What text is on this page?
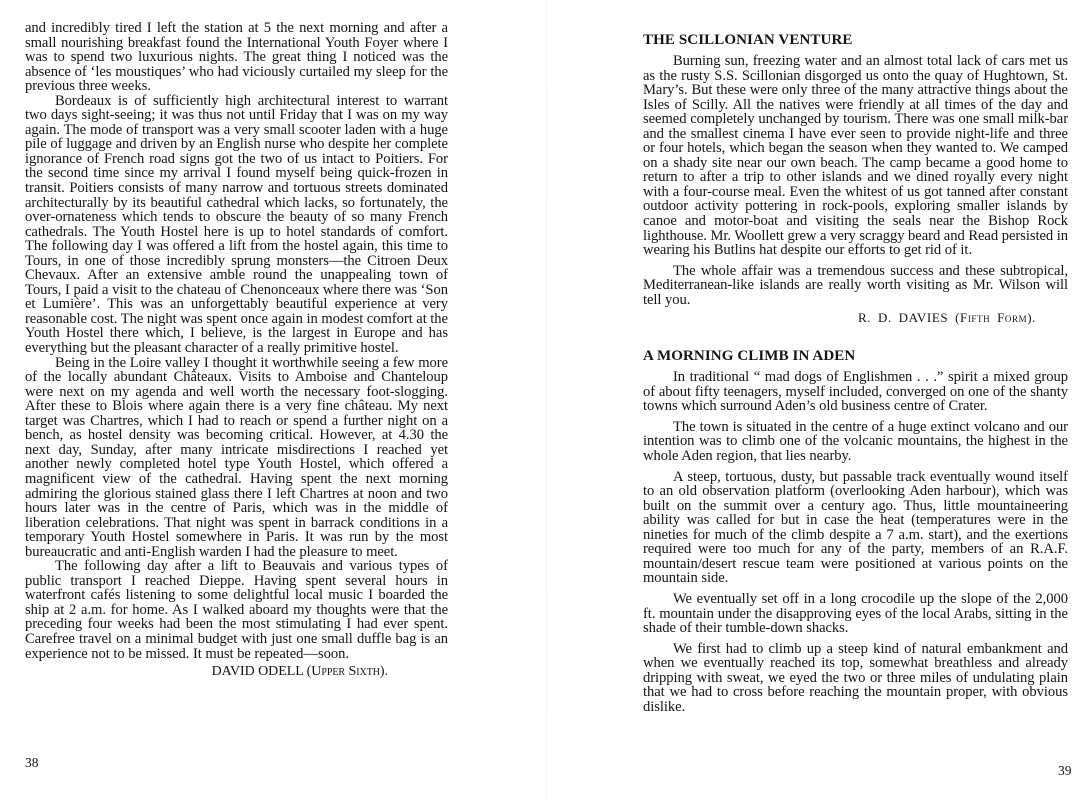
and incredibly tired I left the station at 5 the next morning and after a small nourishing breakfast found the International Youth Foyer where I was to spend two luxurious nights. The great thing I noticed was the absence of ‘les moustiques’ who had viciously curtailed my sleep for the previous three weeks.

Bordeaux is of sufficiently high architectural interest to warrant two days sight-seeing; it was thus not until Friday that I was on my way again. The mode of transport was a very small scooter laden with a huge pile of luggage and driven by an English nurse who despite her complete ignorance of French road signs got the two of us intact to Poitiers. For the second time since my arrival I found myself being quick-frozen in transit. Poitiers consists of many narrow and tortuous streets dominated architecturally by its beautiful cathedral which lacks, so fortunately, the over-ornateness which tends to obscure the beauty of so many French cathedrals. The Youth Hostel here is up to hotel standards of comfort. The following day I was offered a lift from the hostel again, this time to Tours, in one of those incredibly sprung monsters—the Citroen Deux Chevaux. After an extensive amble round the unappealing town of Tours, I paid a visit to the chateau of Chenonceaux where there was ‘Son et Lumière’. This was an unforgettably beautiful experience at very reasonable cost. The night was spent once again in modest comfort at the Youth Hostel there which, I believe, is the largest in Europe and has everything but the pleasant character of a really primitive hostel.

Being in the Loire valley I thought it worthwhile seeing a few more of the locally abundant Châteaux. Visits to Amboise and Chanteloup were next on my agenda and well worth the necessary foot-slogging. After these to Blois where again there is a very fine château. My next target was Chartres, which I had to reach or spend a further night on a bench, as hostel density was becoming critical. However, at 4.30 the next day, Sunday, after many intricate misdirections I reached yet another newly completed hotel type Youth Hostel, which offered a magnificent view of the cathedral. Having spent the next morning admiring the glorious stained glass there I left Chartres at noon and two hours later was in the centre of Paris, which was in the middle of liberation celebrations. That night was spent in barrack conditions in a temporary Youth Hostel somewhere in Paris. It was run by the most bureaucratic and anti-English warden I had the pleasure to meet.

The following day after a lift to Beauvais and various types of public transport I reached Dieppe. Having spent several hours in waterfront cafés listening to some delightful local music I boarded the ship at 2 a.m. for home. As I walked aboard my thoughts were that the preceding four weeks had been the most stimulating I had ever spent. Carefree travel on a minimal budget with just one small duffle bag is an experience not to be missed. It must be repeated—soon.

DAVID ODELL (Upper Sixth).
38
THE SCILLONIAN VENTURE

Burning sun, freezing water and an almost total lack of cars met us as the rusty S.S. Scillonian disgorged us onto the quay of Hughtown, St. Mary’s. But these were only three of the many attractive things about the Isles of Scilly. All the natives were friendly at all times of the day and seemed completely unchanged by tourism. There was one small milk-bar and the smallest cinema I have ever seen to provide night-life and three or four hotels, which began the season when they wanted to. We camped on a shady site near our own beach. The camp became a good home to return to after a trip to other islands and we dined royally every night with a four-course meal. Even the whitest of us got tanned after constant outdoor activity pottering in rock-pools, exploring smaller islands by canoe and motor-boat and visiting the seals near the Bishop Rock lighthouse. Mr. Woollett grew a very scraggy beard and Read persisted in wearing his Butlins hat despite our efforts to get rid of it.

The whole affair was a tremendous success and these subtropical, Mediterranean-like islands are really worth visiting as Mr. Wilson will tell you.

R. D. DAVIES (Fifth Form).
A MORNING CLIMB IN ADEN

In traditional “ mad dogs of Englishmen . . .” spirit a mixed group of about fifty teenagers, myself included, converged on one of the shanty towns which surround Aden’s old business centre of Crater.

The town is situated in the centre of a huge extinct volcano and our intention was to climb one of the volcanic mountains, the highest in the whole Aden region, that lies nearby.

A steep, tortuous, dusty, but passable track eventually wound itself to an old observation platform (overlooking Aden harbour), which was built on the summit over a century ago. Thus, little mountaineering ability was called for but in case the heat (temperatures were in the nineties for much of the climb despite a 7 a.m. start), and the exertions required were too much for any of the party, members of an R.A.F. mountain/desert rescue team were positioned at various points on the mountain side.

We eventually set off in a long crocodile up the slope of the 2,000 ft. mountain under the disapproving eyes of the local Arabs, sitting in the shade of their tumble-down shacks.

We first had to climb up a steep kind of natural embankment and when we eventually reached its top, somewhat breathless and already dripping with sweat, we eyed the two or three miles of undulating plain that we had to cross before reaching the mountain proper, with obvious dislike.

39
